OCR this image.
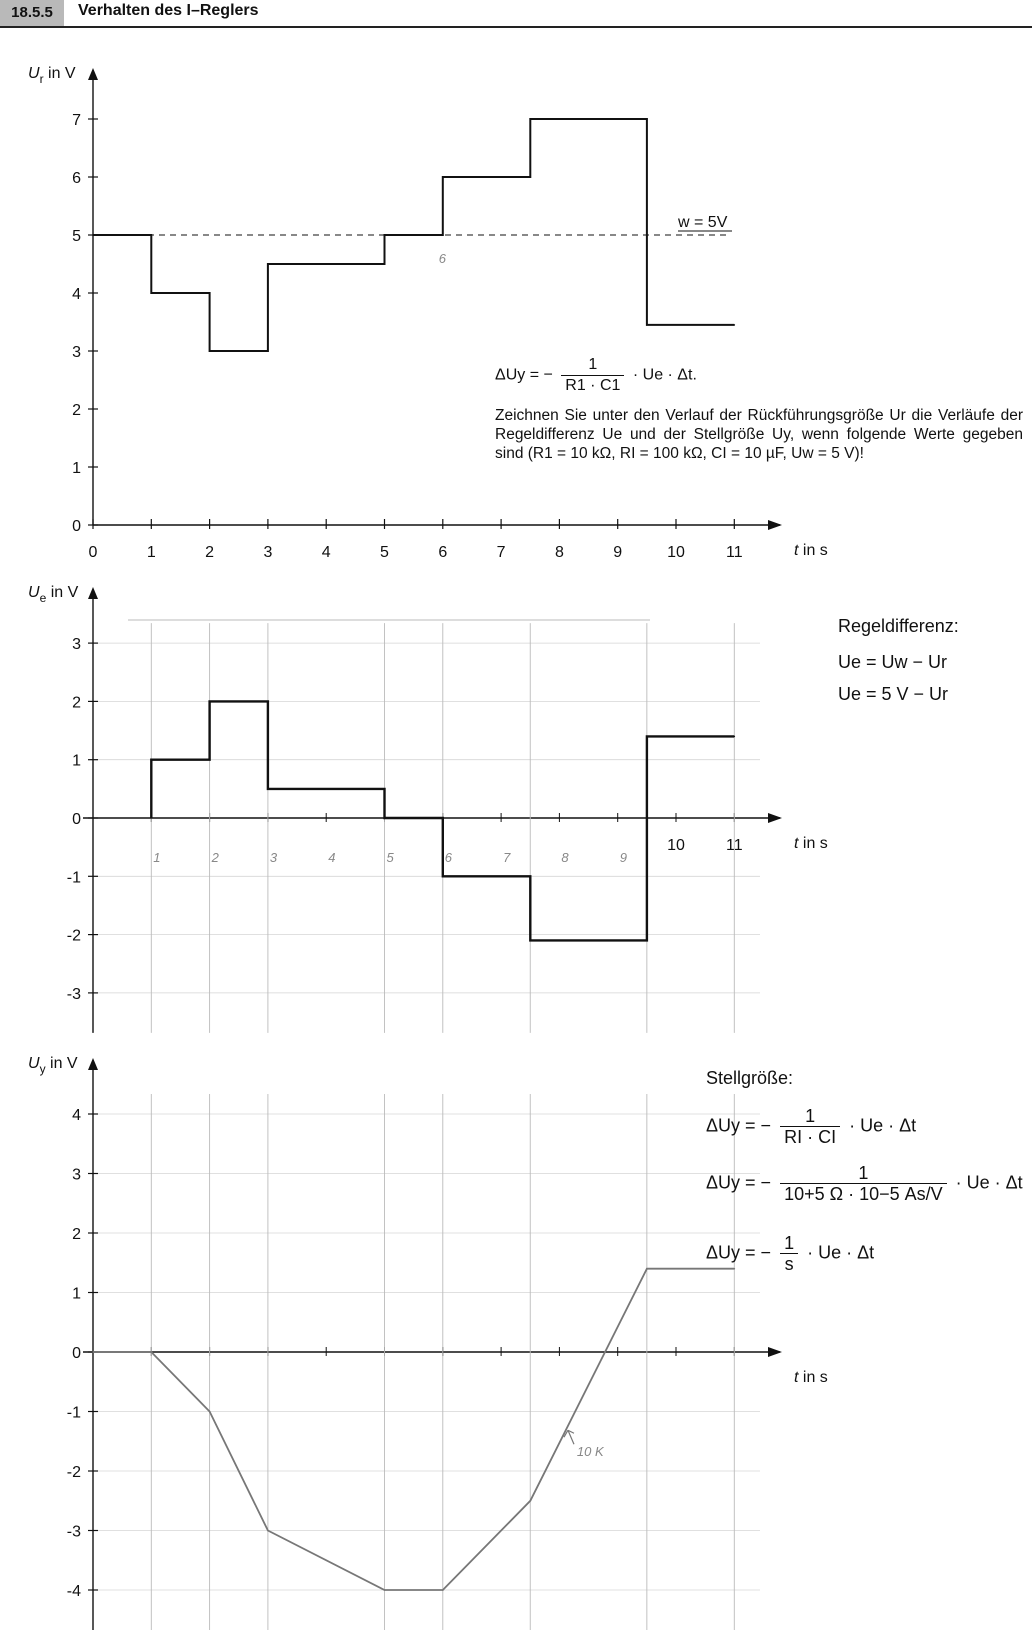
18.5.5	Verhalten des I–Reglers
$U_r$ in V
t in s
0
1
2
3
4
5
6
7
0	1	2	3	4	5	6	7	8	9	10	11
w = 5V
6
$U_e$ in V
t in s
-3
-2
-1
0
1
2
3
10	11
1	2	3	4	5	6	7	8	9
$U_y$ in V
t in s
-4
-3
-2
-1
0
1
2
3
4
10 K
ΔUy = − $\frac{1}{R1 \cdot C1} \cdot Ue \cdot \Delta t$.
Zeichnen Sie unter den Verlauf der Rückführungsgröße Ur die Verläufe der Regeldifferenz Ue und der Stellgröße Uy, wenn folgende Werte gegeben sind (R1 = 10 kΩ, RI = 100 kΩ, CI = 10 µF, Uw = 5 V)!
Regeldifferenz:
Ue = Uw − Ur
Ue = 5 V − Ur
Stellgröße:
ΔUy = − $\frac{1}{RI \cdot CI} \cdot Ue \cdot \Delta t$
ΔUy = − $\frac{1}{10+5 \Omega \cdot 10-5 As/V} \cdot Ue \cdot \Delta t$
ΔUy = − $\frac{1}{s} \cdot Ue \cdot \Delta t$
